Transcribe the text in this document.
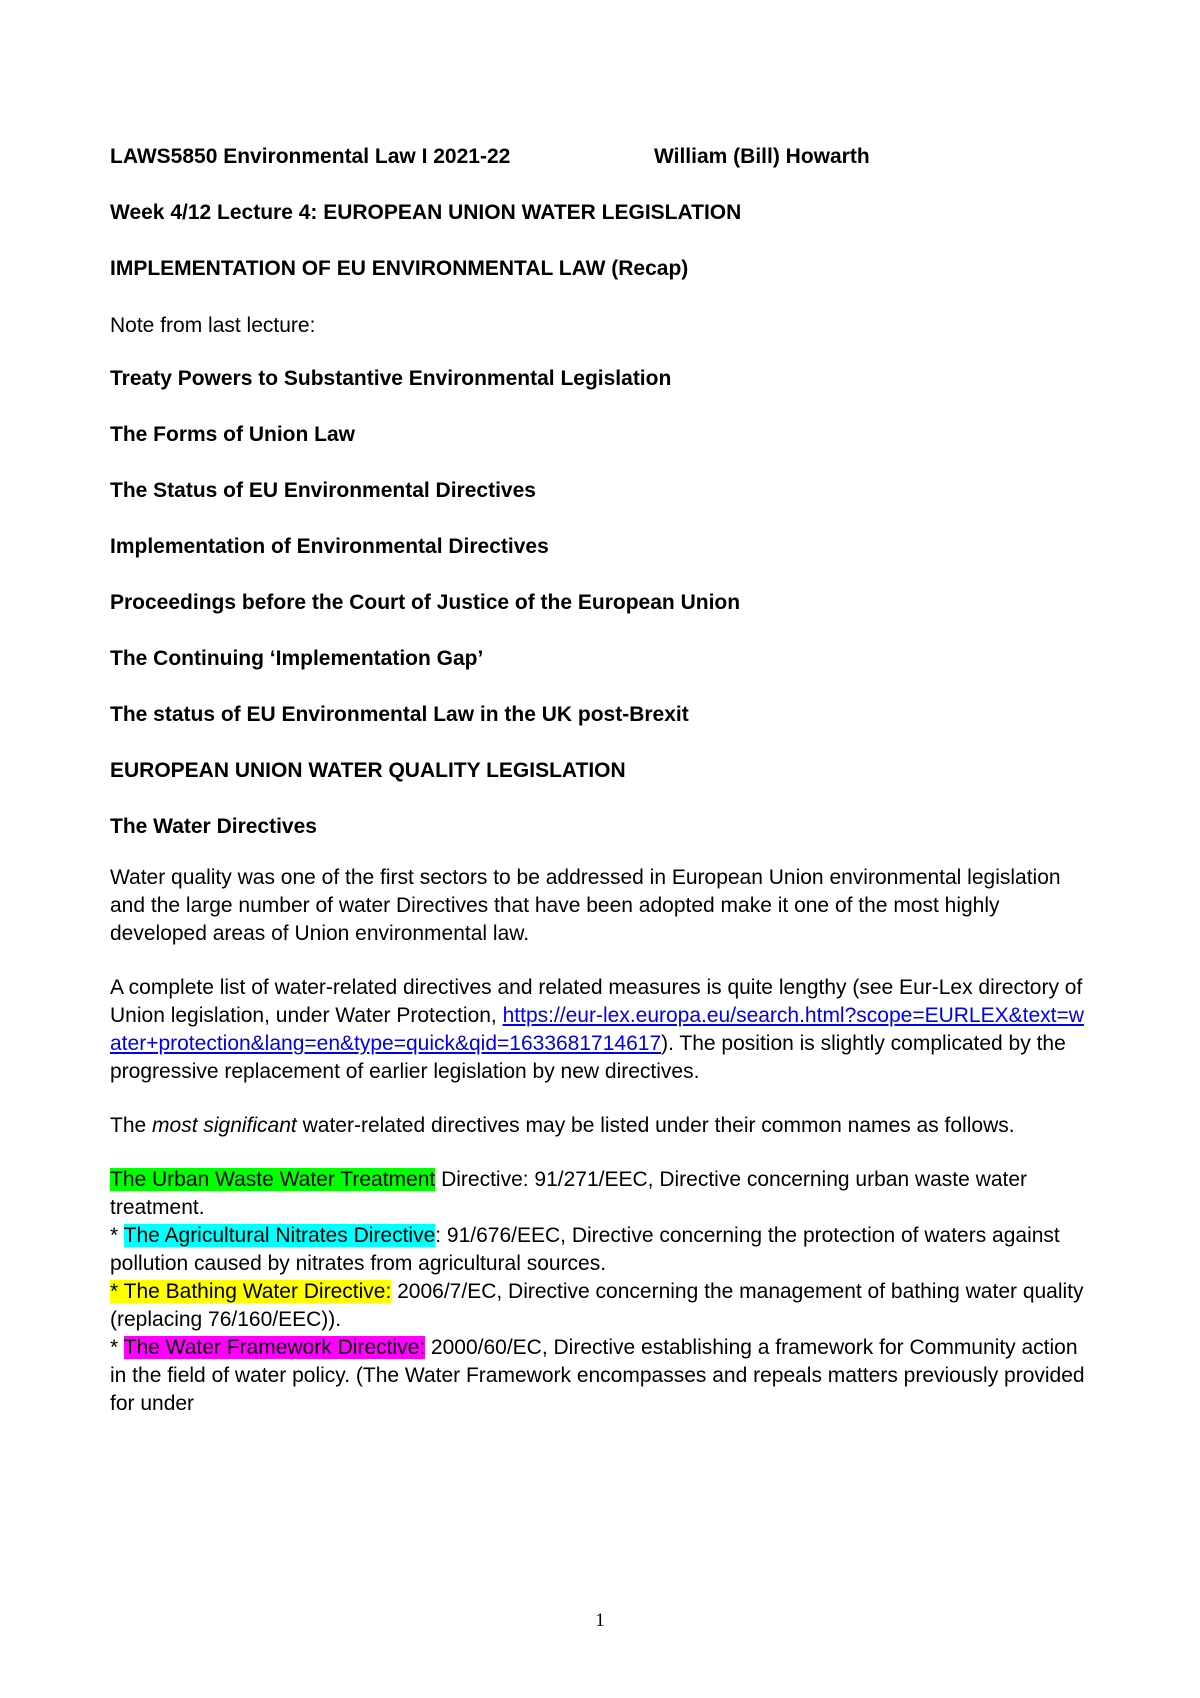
LAWS5850 Environmental Law I 2021-22	William (Bill) Howarth
Week 4/12 Lecture 4: EUROPEAN UNION WATER LEGISLATION
IMPLEMENTATION OF EU ENVIRONMENTAL LAW (Recap)
Note from last lecture:
Treaty Powers to Substantive Environmental Legislation
The Forms of Union Law
The Status of EU Environmental Directives
Implementation of Environmental Directives
Proceedings before the Court of Justice of the European Union
The Continuing ‘Implementation Gap’
The status of EU Environmental Law in the UK post-Brexit
EUROPEAN UNION WATER QUALITY LEGISLATION
The Water Directives
Water quality was one of the first sectors to be addressed in European Union environmental legislation and the large number of water Directives that have been adopted make it one of the most highly developed areas of Union environmental law.
A complete list of water-related directives and related measures is quite lengthy (see Eur-Lex directory of Union legislation, under Water Protection, https://eur-lex.europa.eu/search.html?scope=EURLEX&text=water+protection&lang=en&type=quick&qid=1633681714617). The position is slightly complicated by the progressive replacement of earlier legislation by new directives.
The most significant water-related directives may be listed under their common names as follows.
The Urban Waste Water Treatment Directive: 91/271/EEC, Directive concerning urban waste water treatment.
* The Agricultural Nitrates Directive: 91/676/EEC, Directive concerning the protection of waters against pollution caused by nitrates from agricultural sources.
* The Bathing Water Directive: 2006/7/EC, Directive concerning the management of bathing water quality (replacing 76/160/EEC)).
* The Water Framework Directive: 2000/60/EC, Directive establishing a framework for Community action in the field of water policy. (The Water Framework encompasses and repeals matters previously provided for under
1
